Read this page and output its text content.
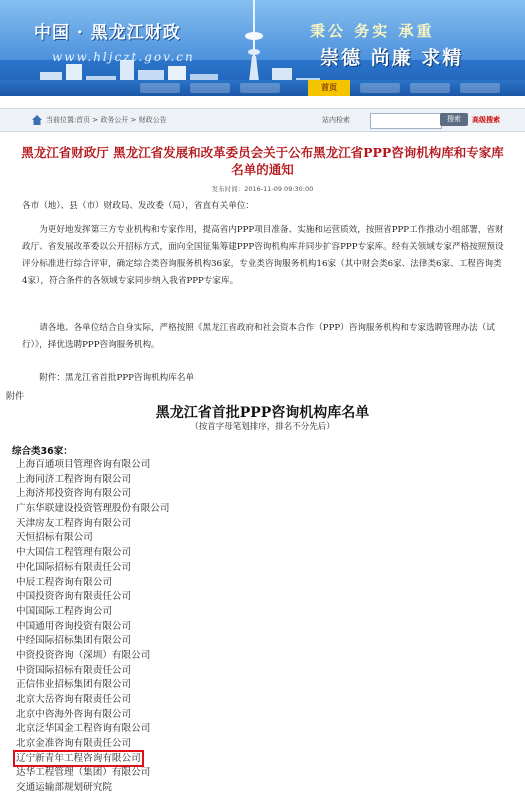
中国 · 黑龙江财政
www.hljczt.gov.cn
秉公 务实 承重
崇德 尚廉 求精
首页
当前位置: 首页 > 政务公开 > 财政公告	站内检索	搜索	高级搜索
黑龙江省财政厅 黑龙江省发展和改革委员会关于公布黑龙江省PPP咨询机构库和专家库名单的通知
发布时间：2016-11-09 09:30:00
各市（地）、县（市）财政局、发改委（局），省直有关单位：
为更好地发挥第三方专业机构和专家作用，提高省内PPP项目准备、实施和运营质效，按照省PPP工作推动小组部署，省财政厅、省发展改革委以公开招标方式，面向全国征集筹建PPP咨询机构库并同步扩容PPP专家库。经有关领域专家严格按照预设评分标准进行综合评审，确定综合类咨询服务机构36家，专业类咨询服务机构16家（其中财会类6家、法律类6家、工程咨询类4家），符合条件的各领域专家同步纳入我省PPP专家库。
请各地、各单位结合自身实际，严格按照《黑龙江省政府和社会资本合作（PPP）咨询服务机构和专家选聘管理办法（试行）》，择优选聘PPP咨询服务机构。
附件：黑龙江省首批PPP咨询机构库名单
附件
黑龙江省首批PPP咨询机构库名单
（按首字母笔划排序，排名不分先后）
综合类36家：
上海百通项目管理咨询有限公司
上海同济工程咨询有限公司
上海济邦投资咨询有限公司
广东华联建设投资管理股份有限公司
天津房友工程咨询有限公司
天恒招标有限公司
中大国信工程管理有限公司
中化国际招标有限责任公司
中辰工程咨询有限公司
中国投资咨询有限责任公司
中国国际工程咨询公司
中国通用咨询投资有限公司
中经国际招标集团有限公司
中资投资咨询（深圳）有限公司
中资国际招标有限责任公司
正信伟业招标集团有限公司
北京大岳咨询有限责任公司
北京中咨海外咨询有限公司
北京泛华国金工程咨询有限公司
北京金准咨询有限责任公司
辽宁新青年工程咨询有限公司
达华工程管理（集团）有限公司
交通运输部规划研究院
